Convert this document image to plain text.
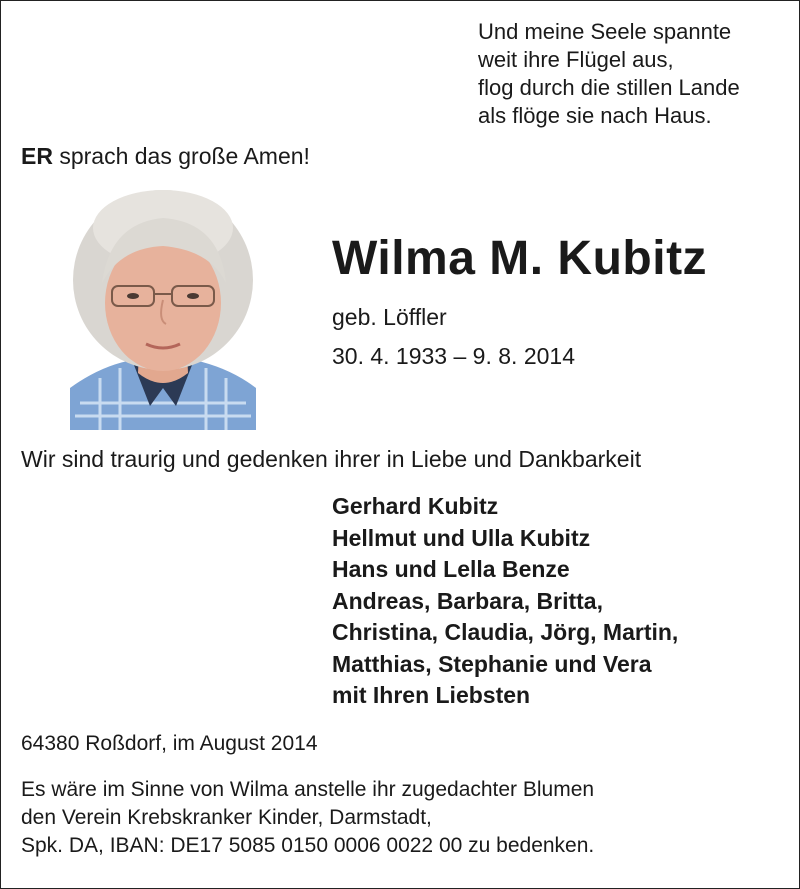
Und meine Seele spannte
weit ihre Flügel aus,
flog durch die stillen Lande
als flöge sie nach Haus.
ER sprach das große Amen!
Wilma M. Kubitz
geb. Löffler
30. 4. 1933 – 9. 8. 2014
Wir sind traurig und gedenken ihrer in Liebe und Dankbarkeit
Gerhard Kubitz
Hellmut und Ulla Kubitz
Hans und Lella Benze
Andreas, Barbara, Britta,
Christina, Claudia, Jörg, Martin,
Matthias, Stephanie und Vera
mit Ihren Liebsten
64380 Roßdorf, im August 2014
Es wäre im Sinne von Wilma anstelle ihr zugedachter Blumen
den Verein Krebskranker Kinder, Darmstadt,
Spk. DA, IBAN: DE17 5085 0150 0006 0022 00 zu bedenken.
